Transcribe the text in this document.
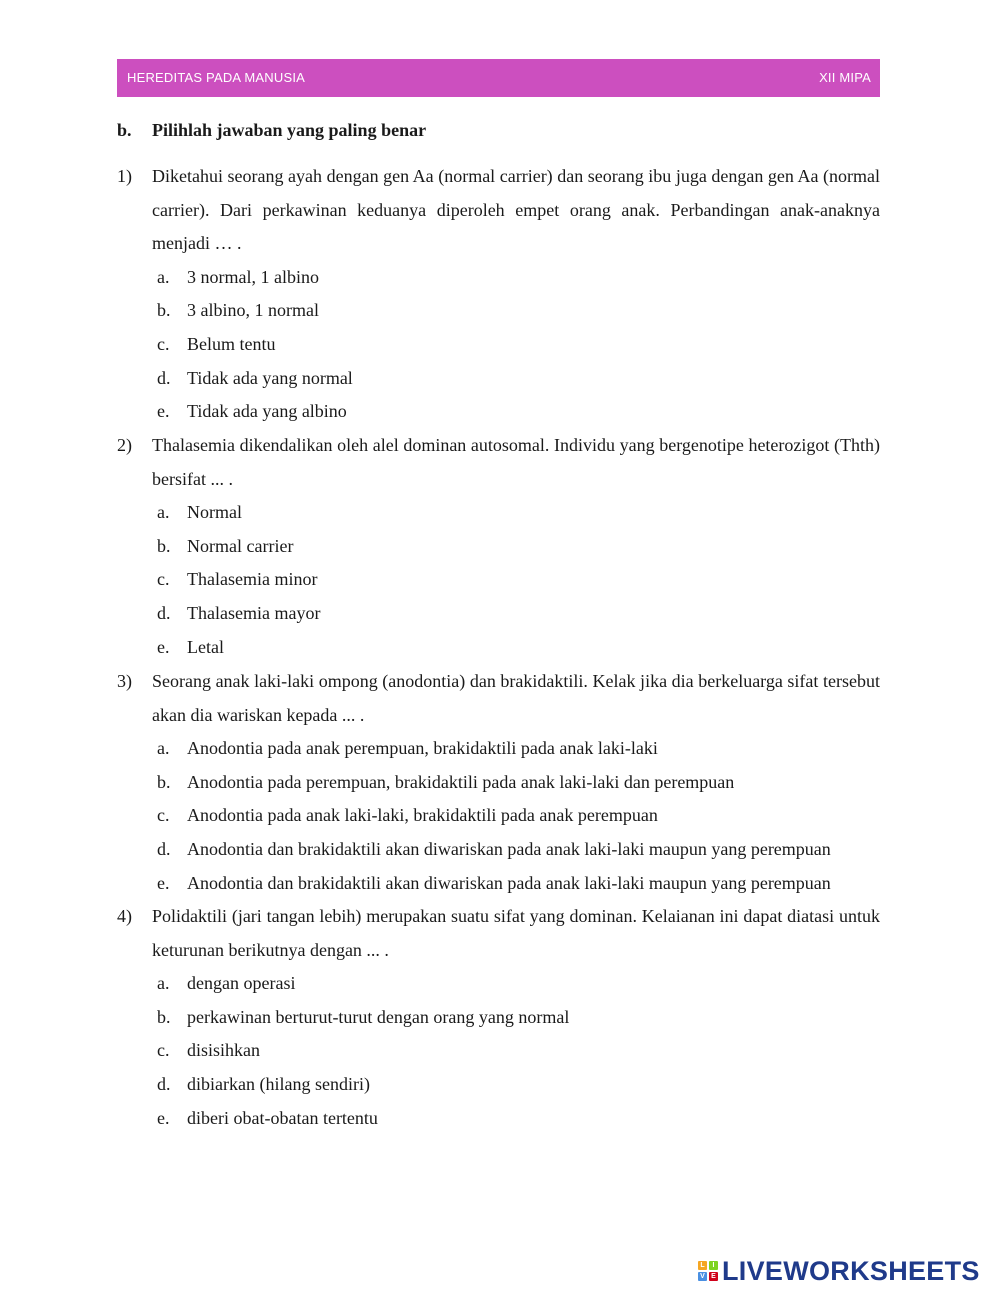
HEREDITAS PADA MANUSIA	XII MIPA
b. Pilihlah jawaban yang paling benar
1) Diketahui seorang ayah dengan gen Aa (normal carrier) dan seorang ibu juga dengan gen Aa (normal carrier). Dari perkawinan keduanya diperoleh empet orang anak. Perbandingan anak-anaknya menjadi … .
a. 3 normal, 1 albino
b. 3 albino, 1 normal
c. Belum tentu
d. Tidak ada yang normal
e. Tidak ada yang albino
2) Thalasemia dikendalikan oleh alel dominan autosomal. Individu yang bergenotipe heterozigot (Thth) bersifat ... .
a. Normal
b. Normal carrier
c. Thalasemia minor
d. Thalasemia mayor
e. Letal
3) Seorang anak laki-laki ompong (anodontia) dan brakidaktili. Kelak jika dia berkeluarga sifat tersebut akan dia wariskan kepada ... .
a. Anodontia pada anak perempuan, brakidaktili pada anak laki-laki
b. Anodontia pada perempuan, brakidaktili pada anak laki-laki dan perempuan
c. Anodontia pada anak laki-laki, brakidaktili pada anak perempuan
d. Anodontia dan brakidaktili akan diwariskan pada anak laki-laki maupun yang perempuan
e. Anodontia dan brakidaktili akan diwariskan pada anak laki-laki maupun yang perempuan
4) Polidaktili (jari tangan lebih) merupakan suatu sifat yang dominan. Kelaianan ini dapat diatasi untuk keturunan berikutnya dengan ... .
a. dengan operasi
b. perkawinan berturut-turut dengan orang yang normal
c. disisihkan
d. dibiarkan (hilang sendiri)
e. diberi obat-obatan tertentu
L	I
V E LIVEWORKSHEETS
